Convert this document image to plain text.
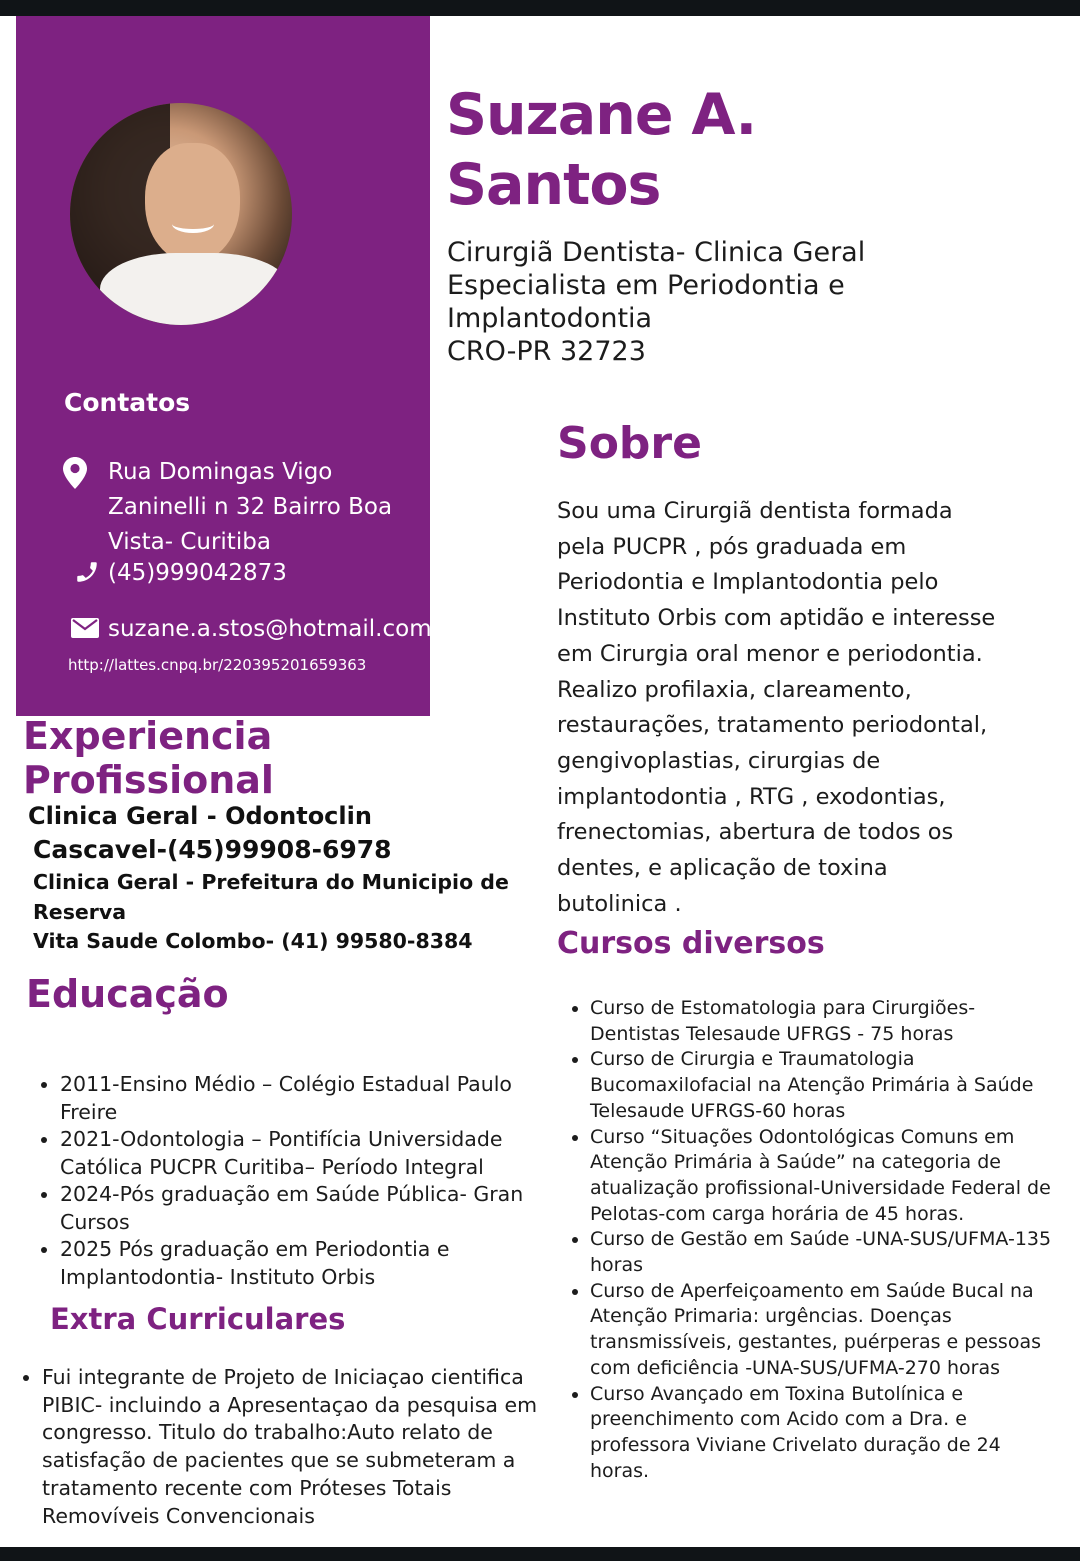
Contatos
Rua Domingas Vigo
Zaninelli n 32 Bairro Boa
Vista- Curitiba
(45)999042873
suzane.a.stos@hotmail.com
http://lattes.cnpq.br/220395201659363
Suzane A.
Santos
Cirurgiã Dentista- Clinica Geral
Especialista em Periodontia e
Implantodontia
CRO-PR 32723
Sobre
Sou uma Cirurgiã dentista formada
pela PUCPR , pós graduada em
Periodontia e Implantodontia pelo
Instituto Orbis com aptidão e interesse
em Cirurgia oral menor e periodontia.
Realizo profilaxia, clareamento,
restaurações, tratamento periodontal,
gengivoplastias, cirurgias de
implantodontia , RTG , exodontias,
frenectomias, abertura de todos os
dentes, e aplicação de toxina
butolinica .
Cursos diversos
• Curso de Estomatologia para Cirurgiões-Dentistas Telesaude UFRGS - 75 horas
• Curso de Cirurgia e Traumatologia Bucomaxilofacial na Atenção Primária à Saúde Telesaude UFRGS-60 horas
• Curso “Situações Odontológicas Comuns em Atenção Primária à Saúde” na categoria de atualização profissional-Universidade Federal de Pelotas-com carga horária de 45 horas.
• Curso de Gestão em Saúde -UNA-SUS/UFMA-135 horas
• Curso de Aperfeiçoamento em Saúde Bucal na Atenção Primaria: urgências. Doenças transmissíveis, gestantes, puérperas e pessoas com deficiência -UNA-SUS/UFMA-270 horas
• Curso Avançado em Toxina Butolínica e preenchimento com Acido com a Dra. e professora Viviane Crivelato duração de 24 horas.
Experiencia
Profissional
Clinica Geral - Odontoclin
Cascavel-(45)99908-6978
Clinica Geral - Prefeitura do Municipio de
Reserva
Vita Saude Colombo- (41) 99580-8384
Educação
• 2011-Ensino Médio – Colégio Estadual Paulo Freire
• 2021-Odontologia – Pontifícia Universidade Católica PUCPR Curitiba– Período Integral
• 2024-Pós graduação em Saúde Pública- Gran Cursos
• 2025 Pós graduação em Periodontia e Implantodontia- Instituto Orbis
Extra Curriculares
• Fui integrante de Projeto de Iniciaçao cientifica PIBIC- incluindo a Apresentaçao da pesquisa em congresso. Titulo do trabalho:Auto relato de satisfação de pacientes que se submeteram a tratamento recente com Próteses Totais Removíveis Convencionais
